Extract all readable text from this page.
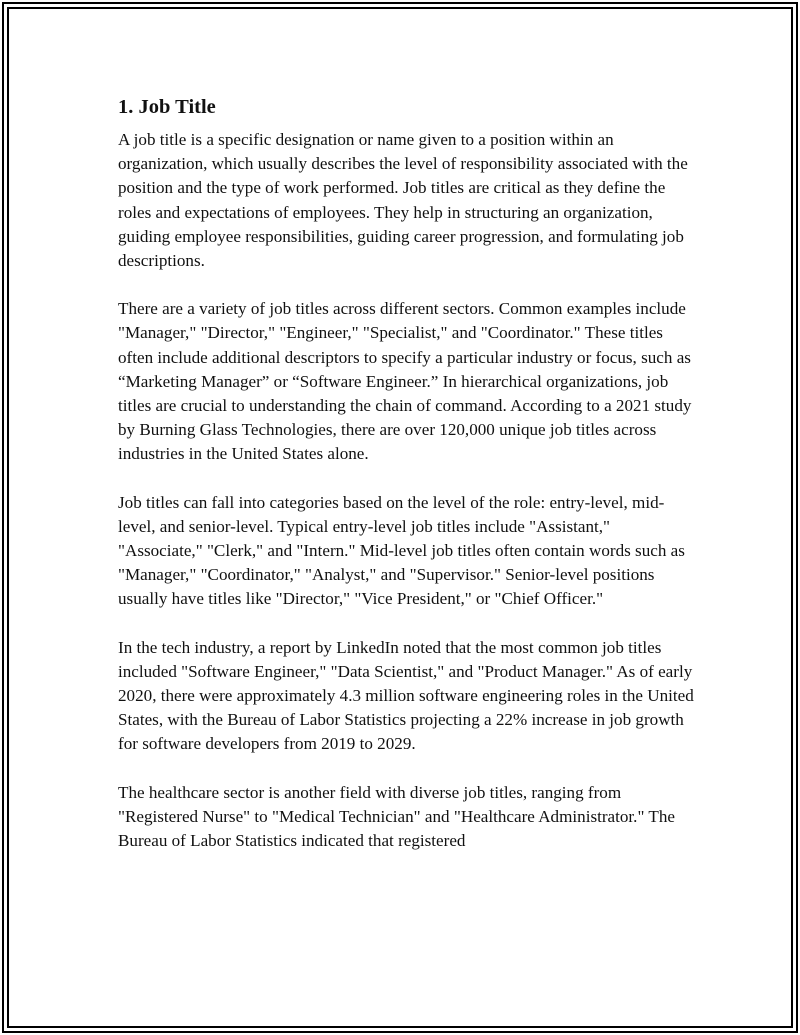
1. Job Title

A job title is a specific designation or name given to a position within an organization, which usually describes the level of responsibility associated with the position and the type of work performed. Job titles are critical as they define the roles and expectations of employees. They help in structuring an organization, guiding employee responsibilities, guiding career progression, and formulating job descriptions.

There are a variety of job titles across different sectors. Common examples include "Manager," "Director," "Engineer," "Specialist," and "Coordinator." These titles often include additional descriptors to specify a particular industry or focus, such as “Marketing Manager” or “Software Engineer.” In hierarchical organizations, job titles are crucial to understanding the chain of command. According to a 2021 study by Burning Glass Technologies, there are over 120,000 unique job titles across industries in the United States alone.

Job titles can fall into categories based on the level of the role: entry-level, mid-level, and senior-level. Typical entry-level job titles include "Assistant," "Associate," "Clerk," and "Intern." Mid-level job titles often contain words such as "Manager," "Coordinator," "Analyst," and "Supervisor." Senior-level positions usually have titles like "Director," "Vice President," or "Chief Officer."

In the tech industry, a report by LinkedIn noted that the most common job titles included "Software Engineer," "Data Scientist," and "Product Manager." As of early 2020, there were approximately 4.3 million software engineering roles in the United States, with the Bureau of Labor Statistics projecting a 22% increase in job growth for software developers from 2019 to 2029.

The healthcare sector is another field with diverse job titles, ranging from "Registered Nurse" to "Medical Technician" and "Healthcare Administrator." The Bureau of Labor Statistics indicated that registered
